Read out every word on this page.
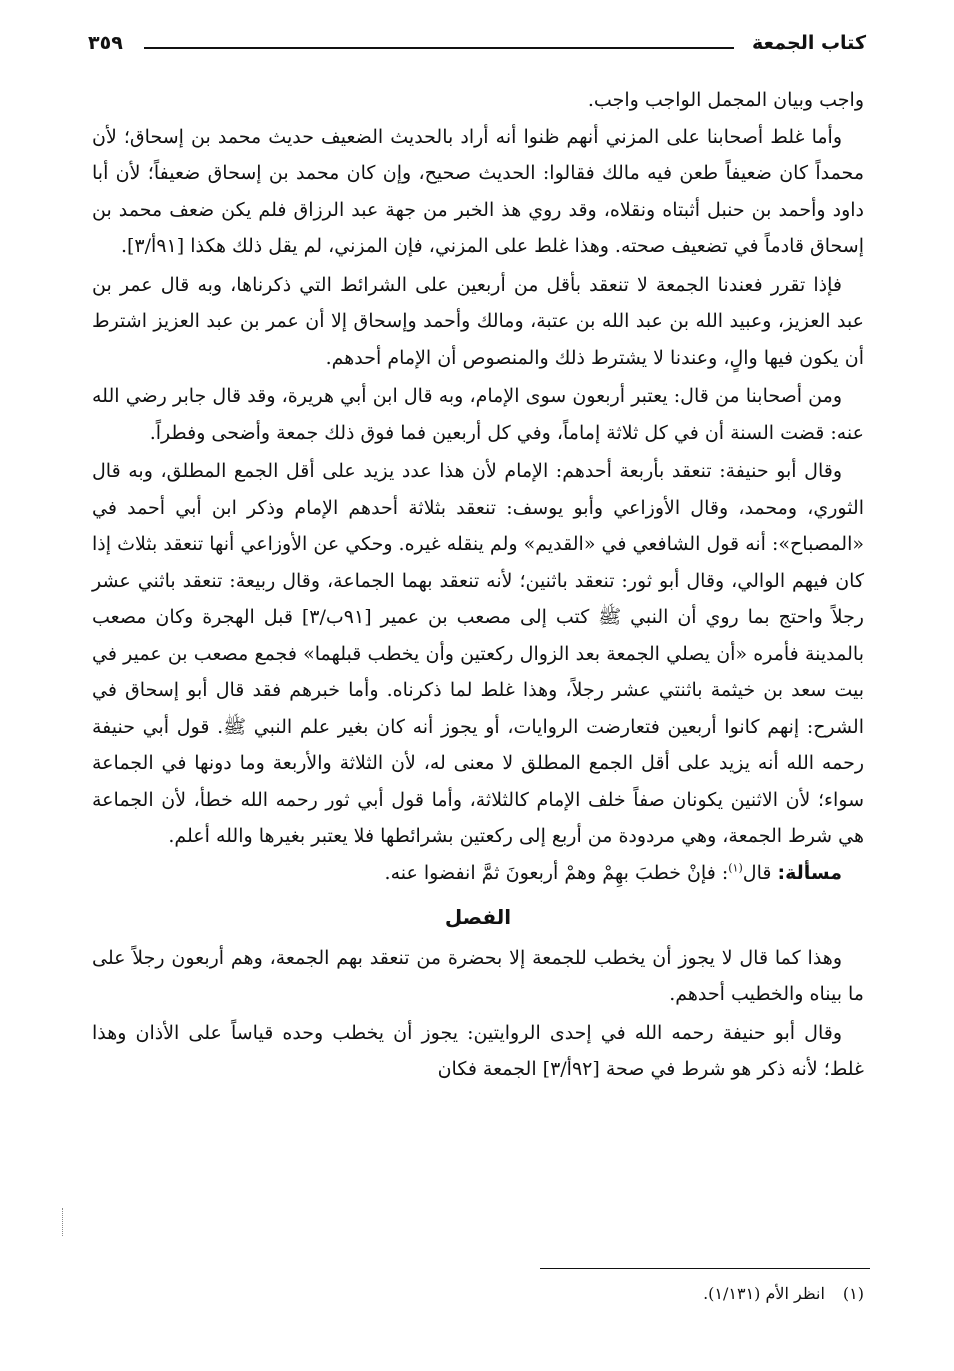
كتاب الجمعة
٣٥٩

واجب وبيان المجمل الواجب واجب.

وأما غلط أصحابنا على المزني أنهم ظنوا أنه أراد بالحديث الضعيف حديث محمد بن إسحاق؛ لأن محمداً كان ضعيفاً طعن فيه مالك فقالوا: الحديث صحيح، وإن كان محمد بن إسحاق ضعيفاً؛ لأن أبا داود وأحمد بن حنبل أثبتاه ونقلاه، وقد روي هذ الخبر من جهة عبد الرزاق فلم يكن ضعف محمد بن إسحاق قادماً في تضعيف صحته. وهذا غلط على المزني، فإن المزني، لم يقل ذلك هكذا [٩١أ/٣].

فإذا تقرر فعندنا الجمعة لا تنعقد بأقل من أربعين على الشرائط التي ذكرناها، وبه قال عمر بن عبد العزيز، وعبيد الله بن عبد الله بن عتبة، ومالك وأحمد وإسحاق إلا أن عمر بن عبد العزيز اشترط أن يكون فيها والٍ، وعندنا لا يشترط ذلك والمنصوص أن الإمام أحدهم.

ومن أصحابنا من قال: يعتبر أربعون سوى الإمام، وبه قال ابن أبي هريرة، وقد قال جابر رضي الله عنه: قضت السنة أن في كل ثلاثة إماماً، وفي كل أربعين فما فوق ذلك جمعة وأضحى وفطراً.

وقال أبو حنيفة: تنعقد بأربعة أحدهم: الإمام لأن هذا عدد يزيد على أقل الجمع المطلق، وبه قال الثوري، ومحمد، وقال الأوزاعي وأبو يوسف: تنعقد بثلاثة أحدهم الإمام وذكر ابن أبي أحمد في «المصباح»: أنه قول الشافعي في «القديم» ولم ينقله غيره. وحكي عن الأوزاعي أنها تنعقد بثلاث إذا كان فيهم الوالي، وقال أبو ثور: تنعقد باثنين؛ لأنه تنعقد بهما الجماعة، وقال ربيعة: تنعقد باثني عشر رجلاً واحتج بما روي أن النبي ﷺ كتب إلى مصعب بن عمير [٩١ب/٣] قبل الهجرة وكان مصعب بالمدينة فأمره «أن يصلي الجمعة بعد الزوال ركعتين وأن يخطب قبلهما» فجمع مصعب بن عمير في بيت سعد بن خيثمة باثنتي عشر رجلاً، وهذا غلط لما ذكرناه. وأما خبرهم فقد قال أبو إسحاق في الشرح: إنهم كانوا أربعين فتعارضت الروايات، أو يجوز أنه كان بغير علم النبي ﷺ. قول أبي حنيفة رحمه الله أنه يزيد على أقل الجمع المطلق لا معنى له، لأن الثلاثة والأربعة وما دونها في الجماعة سواء؛ لأن الاثنين يكونان صفاً خلف الإمام كالثلاثة، وأما قول أبي ثور رحمه الله خطأ، لأن الجماعة هي شرط الجمعة، وهي مردودة من أربع إلى ركعتين بشرائطها فلا يعتبر بغيرها والله أعلم.

مسألة: قال$^{(١)}$: فإنْ خطبَ بهِمْ وهمْ أربعونَ ثمَّ انفضوا عنه.

الفصل

وهذا كما قال لا يجوز أن يخطب للجمعة إلا بحضرة من تنعقد بهم الجمعة، وهم أربعون رجلاً على ما بيناه والخطيب أحدهم.

وقال أبو حنيفة رحمه الله في إحدى الروايتين: يجوز أن يخطب وحده قياساً على الأذان وهذا غلط؛ لأنه ذكر هو شرط في صحة [٩٢أ/٣] الجمعة فكان

(١)انظر الأم (١/١٣١).
